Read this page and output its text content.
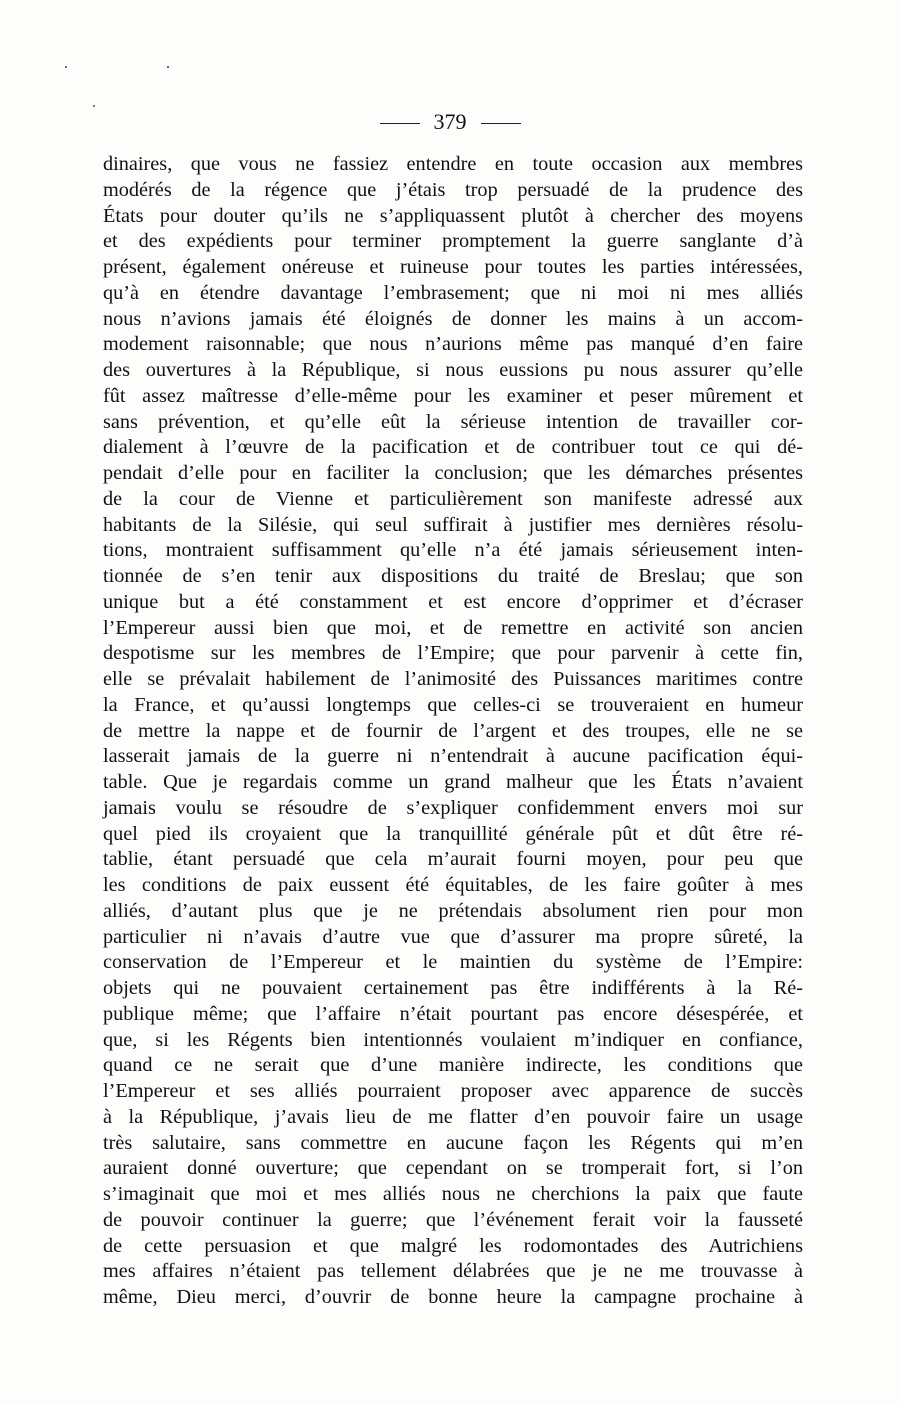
379
dinaires, que vous ne fassiez entendre en toute occasion aux membres
modérés de la régence que j’étais trop persuadé de la prudence des
États pour douter qu’ils ne s’appliquassent plutôt à chercher des moyens
et des expédients pour terminer promptement la guerre sanglante d’à
présent, également onéreuse et ruineuse pour toutes les parties intéressées,
qu’à en étendre davantage l’embrasement; que ni moi ni mes alliés
nous n’avions jamais été éloignés de donner les mains à un accom-
modement raisonnable; que nous n’aurions même pas manqué d’en faire
des ouvertures à la République, si nous eussions pu nous assurer qu’elle
fût assez maîtresse d’elle-même pour les examiner et peser mûrement et
sans prévention, et qu’elle eût la sérieuse intention de travailler cor-
dialement à l’œuvre de la pacification et de contribuer tout ce qui dé-
pendait d’elle pour en faciliter la conclusion; que les démarches présentes
de la cour de Vienne et particulièrement son manifeste adressé aux
habitants de la Silésie, qui seul suffirait à justifier mes dernières résolu-
tions, montraient suffisamment qu’elle n’a été jamais sérieusement inten-
tionnée de s’en tenir aux dispositions du traité de Breslau; que son
unique but a été constamment et est encore d’opprimer et d’écraser
l’Empereur aussi bien que moi, et de remettre en activité son ancien
despotisme sur les membres de l’Empire; que pour parvenir à cette fin,
elle se prévalait habilement de l’animosité des Puissances maritimes contre
la France, et qu’aussi longtemps que celles-ci se trouveraient en humeur
de mettre la nappe et de fournir de l’argent et des troupes, elle ne se
lasserait jamais de la guerre ni n’entendrait à aucune pacification équi-
table. Que je regardais comme un grand malheur que les États n’avaient
jamais voulu se résoudre de s’expliquer confidemment envers moi sur
quel pied ils croyaient que la tranquillité générale pût et dût être ré-
tablie, étant persuadé que cela m’aurait fourni moyen, pour peu que
les conditions de paix eussent été équitables, de les faire goûter à mes
alliés, d’autant plus que je ne prétendais absolument rien pour mon
particulier ni n’avais d’autre vue que d’assurer ma propre sûreté, la
conservation de l’Empereur et le maintien du système de l’Empire:
objets qui ne pouvaient certainement pas être indifférents à la Ré-
publique même; que l’affaire n’était pourtant pas encore désespérée, et
que, si les Régents bien intentionnés voulaient m’indiquer en confiance,
quand ce ne serait que d’une manière indirecte, les conditions que
l’Empereur et ses alliés pourraient proposer avec apparence de succès
à la République, j’avais lieu de me flatter d’en pouvoir faire un usage
très salutaire, sans commettre en aucune façon les Régents qui m’en
auraient donné ouverture; que cependant on se tromperait fort, si l’on
s’imaginait que moi et mes alliés nous ne cherchions la paix que faute
de pouvoir continuer la guerre; que l’événement ferait voir la fausseté
de cette persuasion et que malgré les rodomontades des Autrichiens
mes affaires n’étaient pas tellement délabrées que je ne me trouvasse à
même, Dieu merci, d’ouvrir de bonne heure la campagne prochaine à
